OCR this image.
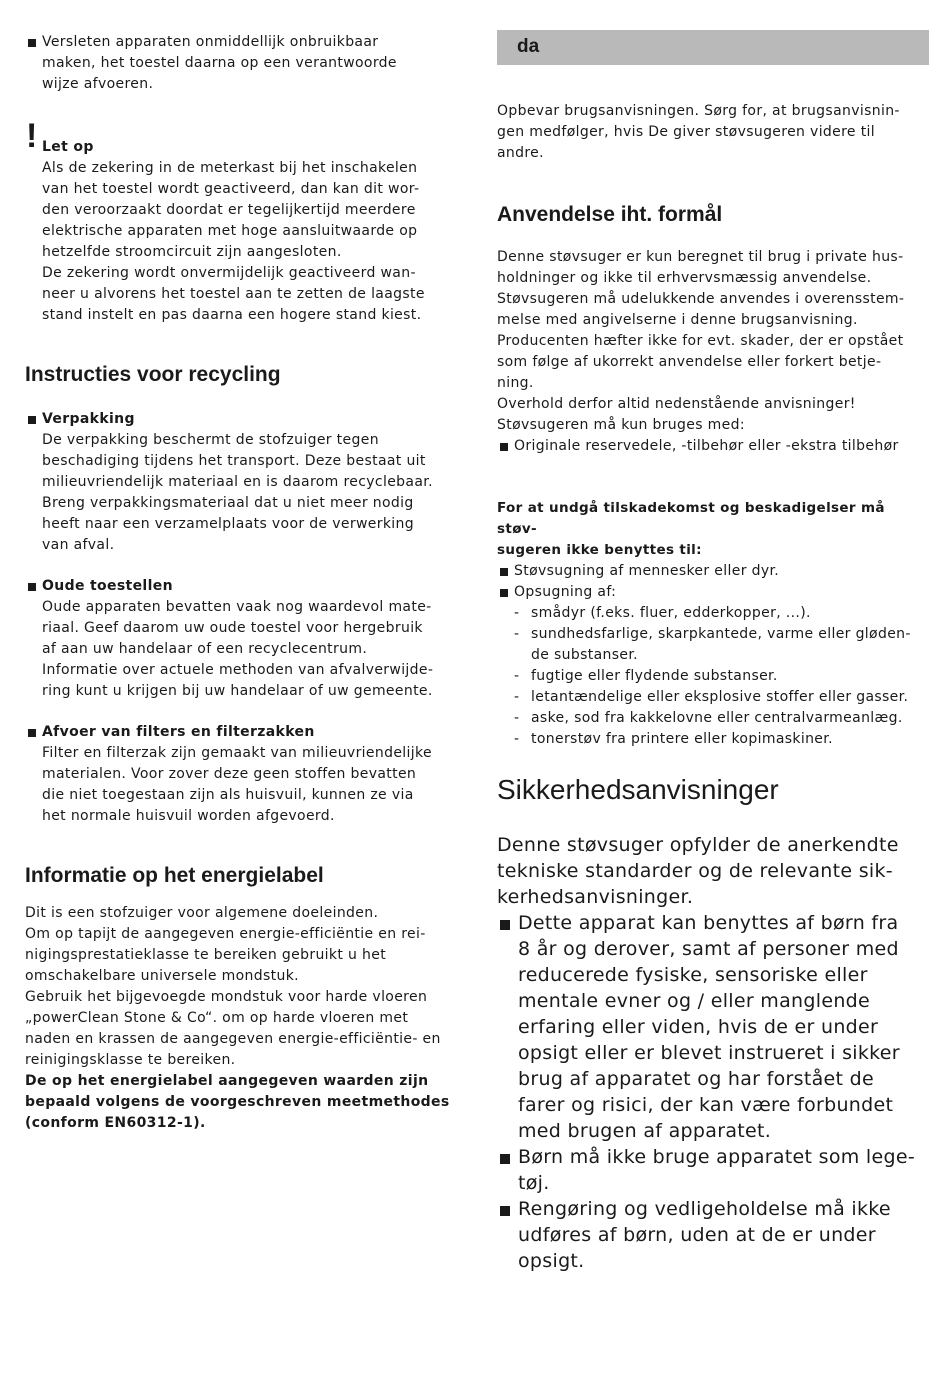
Versleten apparaten onmiddellijk onbruikbaar
maken, het toestel daarna op een verantwoorde
wijze afvoeren.
! Let op
Als de zekering in de meterkast bij het inschakelen
van het toestel wordt geactiveerd, dan kan dit wor-
den veroorzaakt doordat er tegelijkertijd meerdere
elektrische apparaten met hoge aansluitwaarde op
hetzelfde stroomcircuit zijn aangesloten.
De zekering wordt onvermijdelijk geactiveerd wan-
neer u alvorens het toestel aan te zetten de laagste
stand instelt en pas daarna een hogere stand kiest.
Instructies voor recycling
Verpakking
De verpakking beschermt de stofzuiger tegen
beschadiging tijdens het transport. Deze bestaat uit
milieuvriendelijk materiaal en is daarom recyclebaar.
Breng verpakkingsmateriaal dat u niet meer nodig
heeft naar een verzamelplaats voor de verwerking
van afval.
Oude toestellen
Oude apparaten bevatten vaak nog waardevol mate-
riaal. Geef daarom uw oude toestel voor hergebruik
af aan uw handelaar of een recyclecentrum.
Informatie over actuele methoden van afvalverwijde-
ring kunt u krijgen bij uw handelaar of uw gemeente.
Afvoer van filters en filterzakken
Filter en filterzak zijn gemaakt van milieuvriendelijke
materialen. Voor zover deze geen stoffen bevatten
die niet toegestaan zijn als huisvuil, kunnen ze via
het normale huisvuil worden afgevoerd.
Informatie op het energielabel
Dit is een stofzuiger voor algemene doeleinden.
Om op tapijt de aangegeven energie-efficiëntie en rei-
nigingsprestatieklasse te bereiken gebruikt u het
omschakelbare universele mondstuk.
Gebruik het bijgevoegde mondstuk voor harde vloeren
„powerClean Stone & Co“. om op harde vloeren met
naden en krassen de aangegeven energie-efficiëntie- en
reinigingsklasse te bereiken.
De op het energielabel aangegeven waarden zijn
bepaald volgens de voorgeschreven meetmethodes
(conform EN60312-1).
da
Opbevar brugsanvisningen. Sørg for, at brugsanvisnin-
gen medfølger, hvis De giver støvsugeren videre til
andre.
Anvendelse iht. formål
Denne støvsuger er kun beregnet til brug i private hus-
holdninger og ikke til erhvervsmæssig anvendelse.
Støvsugeren må udelukkende anvendes i overensstem-
melse med angivelserne i denne brugsanvisning.
Producenten hæfter ikke for evt. skader, der er opstået
som følge af ukorrekt anvendelse eller forkert betje-
ning.
Overhold derfor altid nedenstående anvisninger!
Støvsugeren må kun bruges med:
Originale reservedele, -tilbehør eller -ekstra tilbehør
For at undgå tilskadekomst og beskadigelser må støv-
sugeren ikke benyttes til:
Støvsugning af mennesker eller dyr.
Opsugning af:
- smådyr (f.eks. fluer, edderkopper, ...).
- sundhedsfarlige, skarpkantede, varme eller gløden-
de substanser.
- fugtige eller flydende substanser.
- letantændelige eller eksplosive stoffer eller gasser.
- aske, sod fra kakkelovne eller centralvarmeanlæg.
- tonerstøv fra printere eller kopimaskiner.
Sikkerhedsanvisninger
Denne støvsuger opfylder de anerkendte
tekniske standarder og de relevante sik-
kerhedsanvisninger.
Dette apparat kan benyttes af børn fra
8 år og derover, samt af personer med
reducerede fysiske, sensoriske eller
mentale evner og / eller manglende
erfaring eller viden, hvis de er under
opsigt eller er blevet instrueret i sikker
brug af apparatet og har forstået de
farer og risici, der kan være forbundet
med brugen af apparatet.
Børn må ikke bruge apparatet som lege-
tøj.
Rengøring og vedligeholdelse må ikke
udføres af børn, uden at de er under
opsigt.
